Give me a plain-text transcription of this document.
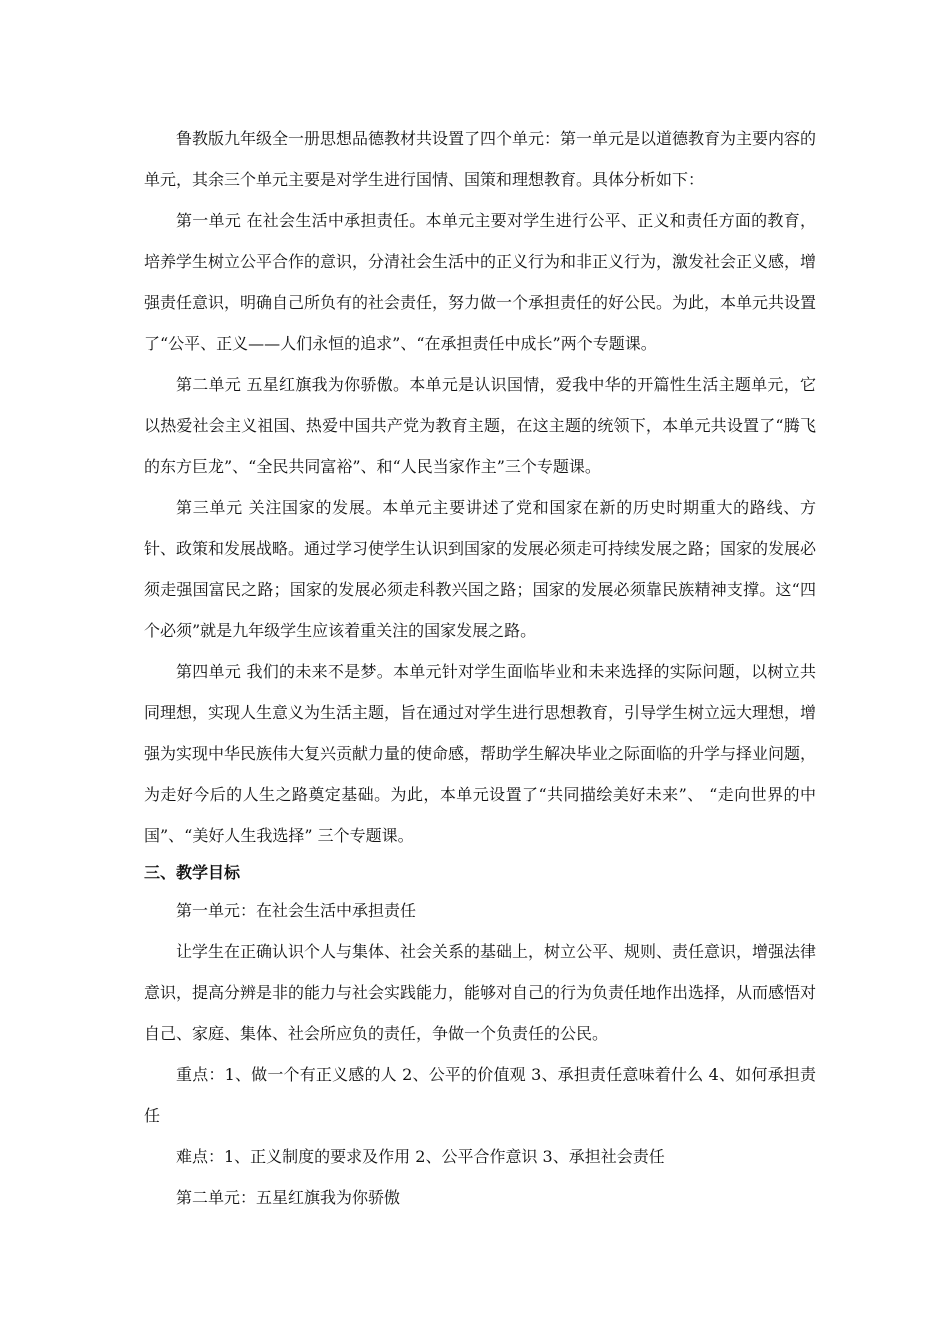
鲁教版九年级全一册思想品德教材共设置了四个单元：第一单元是以道德教育为主要内容的单元，其余三个单元主要是对学生进行国情、国策和理想教育。具体分析如下：

第一单元 在社会生活中承担责任。本单元主要对学生进行公平、正义和责任方面的教育，培养学生树立公平合作的意识，分清社会生活中的正义行为和非正义行为，激发社会正义感，增强责任意识，明确自己所负有的社会责任，努力做一个承担责任的好公民。为此，本单元共设置了“公平、正义——人们永恒的追求”、“在承担责任中成长”两个专题课。

第二单元 五星红旗我为你骄傲。本单元是认识国情，爱我中华的开篇性生活主题单元，它以热爱社会主义祖国、热爱中国共产党为教育主题，在这主题的统领下，本单元共设置了“腾飞的东方巨龙”、“全民共同富裕”、和“人民当家作主”三个专题课。

第三单元 关注国家的发展。本单元主要讲述了党和国家在新的历史时期重大的路线、方针、政策和发展战略。通过学习使学生认识到国家的发展必须走可持续发展之路；国家的发展必须走强国富民之路；国家的发展必须走科教兴国之路；国家的发展必须靠民族精神支撑。这“四个必须”就是九年级学生应该着重关注的国家发展之路。

第四单元 我们的未来不是梦。本单元针对学生面临毕业和未来选择的实际问题，以树立共同理想，实现人生意义为生活主题，旨在通过对学生进行思想教育，引导学生树立远大理想，增强为实现中华民族伟大复兴贡献力量的使命感，帮助学生解决毕业之际面临的升学与择业问题，为走好今后的人生之路奠定基础。为此，本单元设置了“共同描绘美好未来”、 “走向世界的中国”、“美好人生我选择” 三个专题课。

三、教学目标

第一单元：在社会生活中承担责任

让学生在正确认识个人与集体、社会关系的基础上，树立公平、规则、责任意识，增强法律意识，提高分辨是非的能力与社会实践能力，能够对自己的行为负责任地作出选择，从而感悟对自己、家庭、集体、社会所应负的责任，争做一个负责任的公民。

重点：1、做一个有正义感的人 2、公平的价值观 3、承担责任意味着什么 4、如何承担责任

难点：1、正义制度的要求及作用 2、公平合作意识 3、承担社会责任

第二单元：五星红旗我为你骄傲
